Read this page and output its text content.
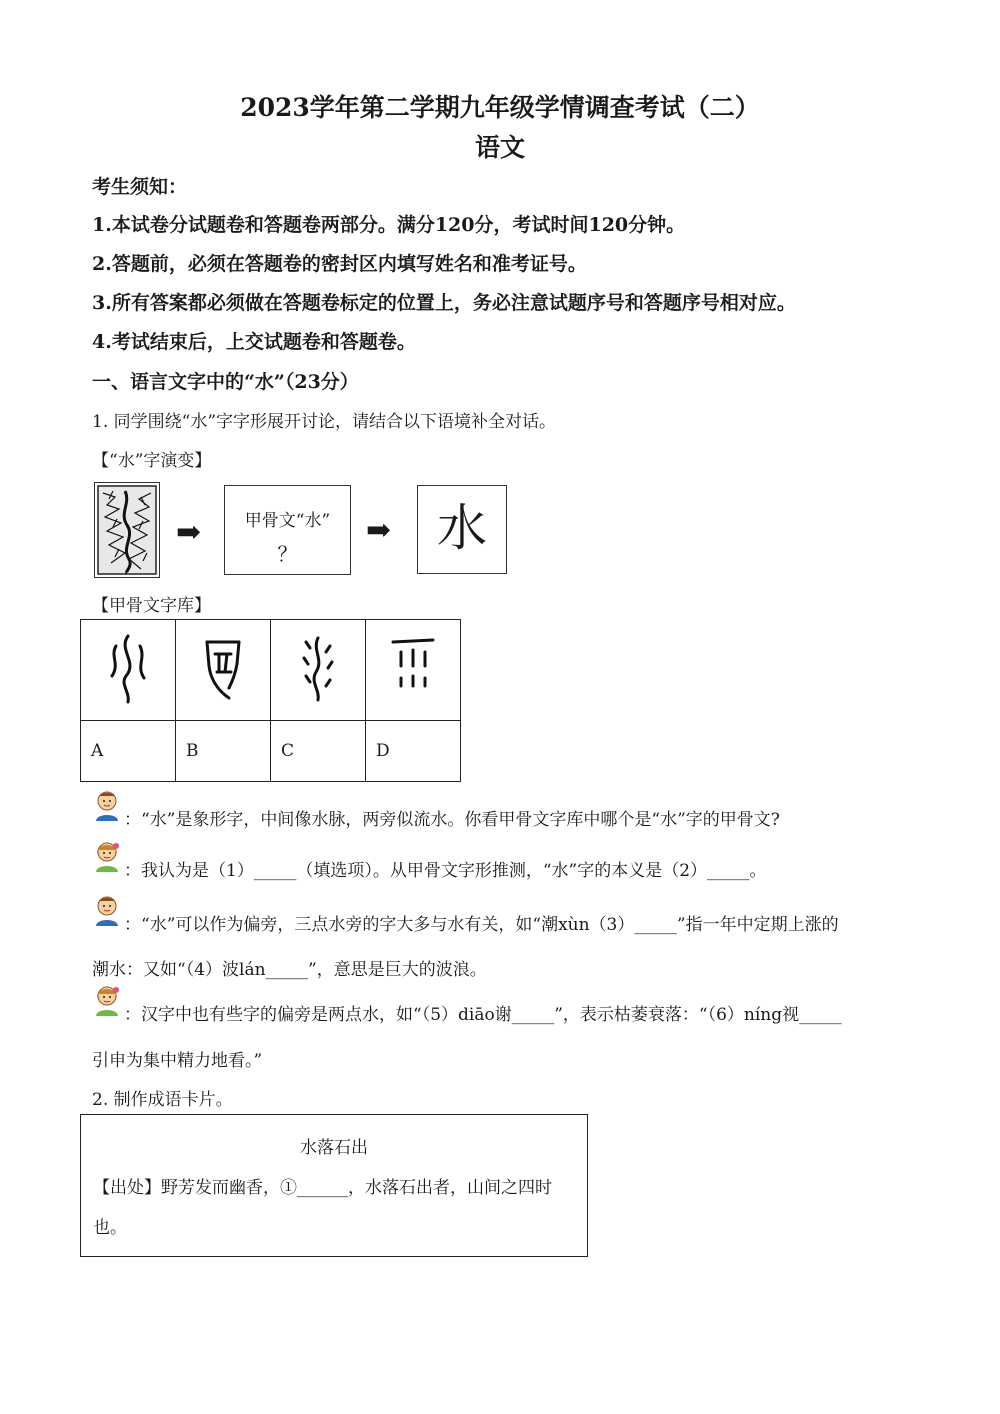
2023学年第二学期九年级学情调查考试（二）
语文
考生须知：
1.本试卷分试题卷和答题卷两部分。满分120分，考试时间120分钟。
2.答题前，必须在答题卷的密封区内填写姓名和准考证号。
3.所有答案都必须做在答题卷标定的位置上，务必注意试题序号和答题序号相对应。
4.考试结束后，上交试题卷和答题卷。
一、语言文字中的“水”（23分）
1. 同学围绕“水”字字形展开讨论，请结合以下语境补全对话。
【“水”字演变】
➡	甲骨文“水”
？
➡ 水
【甲骨文字库】

A	B	C	D
：“水”是象形字，中间像水脉，两旁似流水。你看甲骨文字库中哪个是“水”字的甲骨文?
：我认为是（1）_____（填选项）。从甲骨文字形推测，“水”字的本义是（2）_____。
：“水”可以作为偏旁，三点水旁的字大多与水有关，如“潮xùn（3）_____”指一年中定期上涨的
潮水：又如“（4）波lán_____”，意思是巨大的波浪。
：汉字中也有些字的偏旁是两点水，如“（5）diāo谢_____”，表示枯萎衰落：“（6）níng视_____
引申为集中精力地看。”
2. 制作成语卡片。
水落石出
【出处】野芳发而幽香，①______，水落石出者，山间之四时
也。
